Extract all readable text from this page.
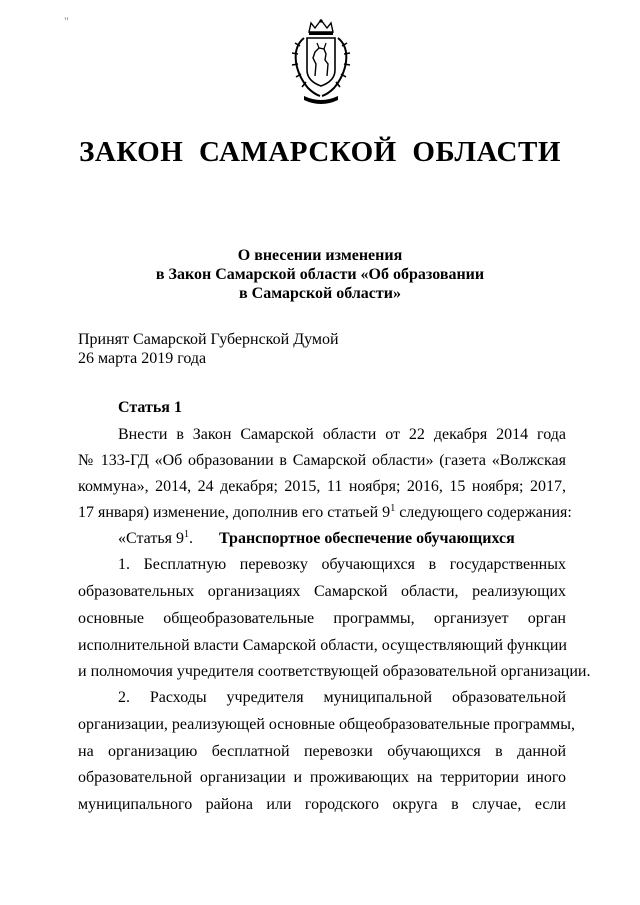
"
ЗАКОН САМАРСКОЙ ОБЛАСТИ
О внесении изменения
в Закон Самарской области «Об образовании
в Самарской области»
Принят Самарской Губернской Думой
26 марта 2019 года
Статья 1
Внести в Закон Самарской области от 22 декабря 2014 года
№ 133-ГД «Об образовании в Самарской области» (газета «Волжская
коммуна», 2014, 24 декабря; 2015, 11 ноября; 2016, 15 ноября; 2017,
17 января) изменение, дополнив его статьей $9^1$ следующего содержания:
«Статья $9^1$. Транспортное обеспечение обучающихся
1. Бесплатную перевозку обучающихся в государственных
образовательных организациях Самарской области, реализующих
основные общеобразовательные программы, организует орган
исполнительной власти Самарской области, осуществляющий функции
и полномочия учредителя соответствующей образовательной организации.
2. Расходы учредителя муниципальной образовательной
организации, реализующей основные общеобразовательные программы,
на организацию бесплатной перевозки обучающихся в данной
образовательной организации и проживающих на территории иного
муниципального района или городского округа в случае, если
